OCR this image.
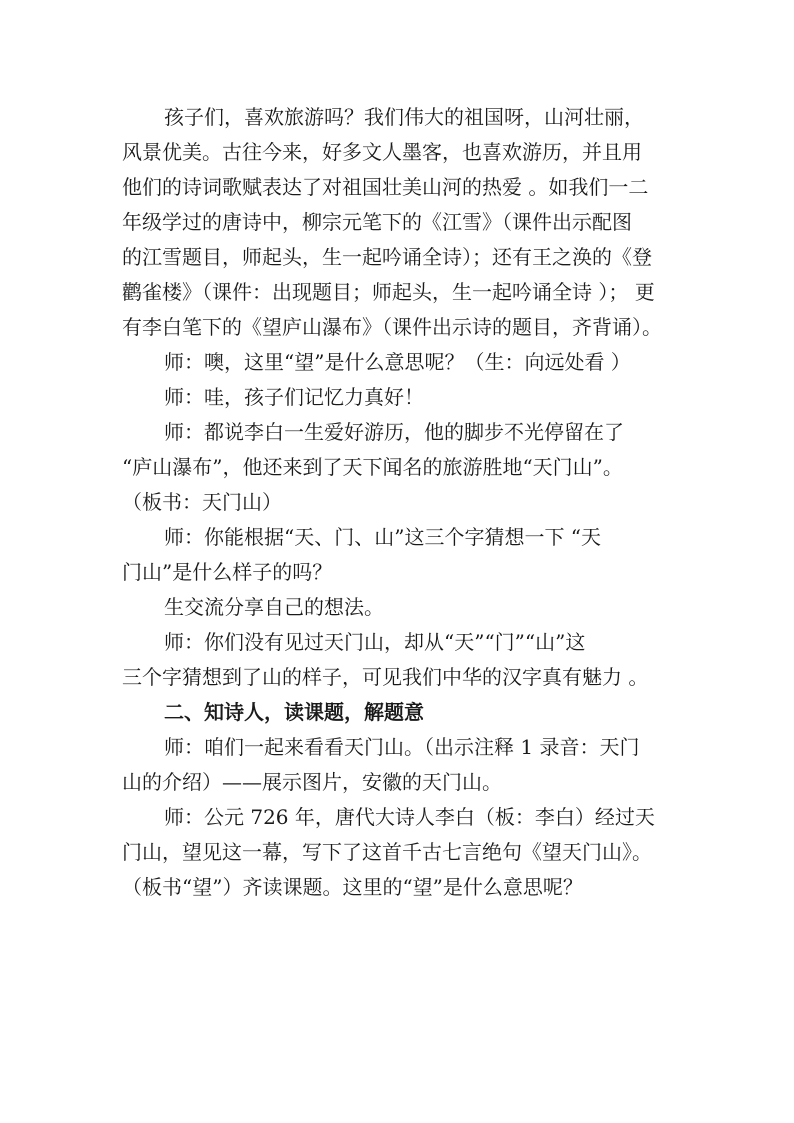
孩子们，喜欢旅游吗？我们伟大的祖国呀，山河壮丽，
风景优美。古往今来，好多文人墨客，也喜欢游历，并且用
他们的诗词歌赋表达了对祖国壮美山河的热爱 。如我们一二
年级学过的唐诗中，柳宗元笔下的《江雪》（课件出示配图
的江雪题目，师起头，生一起吟诵全诗）；还有王之涣的《登
鹳雀楼》（课件：出现题目；师起头，生一起吟诵全诗 ）； 更
有李白笔下的《望庐山瀑布》（课件出示诗的题目，齐背诵）。
师：噢，这里“望”是什么意思呢？（生：向远处看 ）
师：哇，孩子们记忆力真好！
师：都说李白一生爱好游历，他的脚步不光停留在了
“庐山瀑布”，他还来到了天下闻名的旅游胜地“天门山”。
（板书：天门山）
师：你能根据“天、门、山”这三个字猜想一下 “天
门山”是什么样子的吗？
生交流分享自己的想法。
师：你们没有见过天门山，却从“天”“门”“山”这
三个字猜想到了山的样子，可见我们中华的汉字真有魅力 。
二、知诗人，读课题，解题意
师：咱们一起来看看天门山。（出示注释 1 录音：天门
山的介绍）——展示图片，安徽的天门山。
师：公元 726 年，唐代大诗人李白（板：李白）经过天
门山，望见这一幕，写下了这首千古七言绝句《望天门山》。
（板书“望”）齐读课题。这里的“望”是什么意思呢？
